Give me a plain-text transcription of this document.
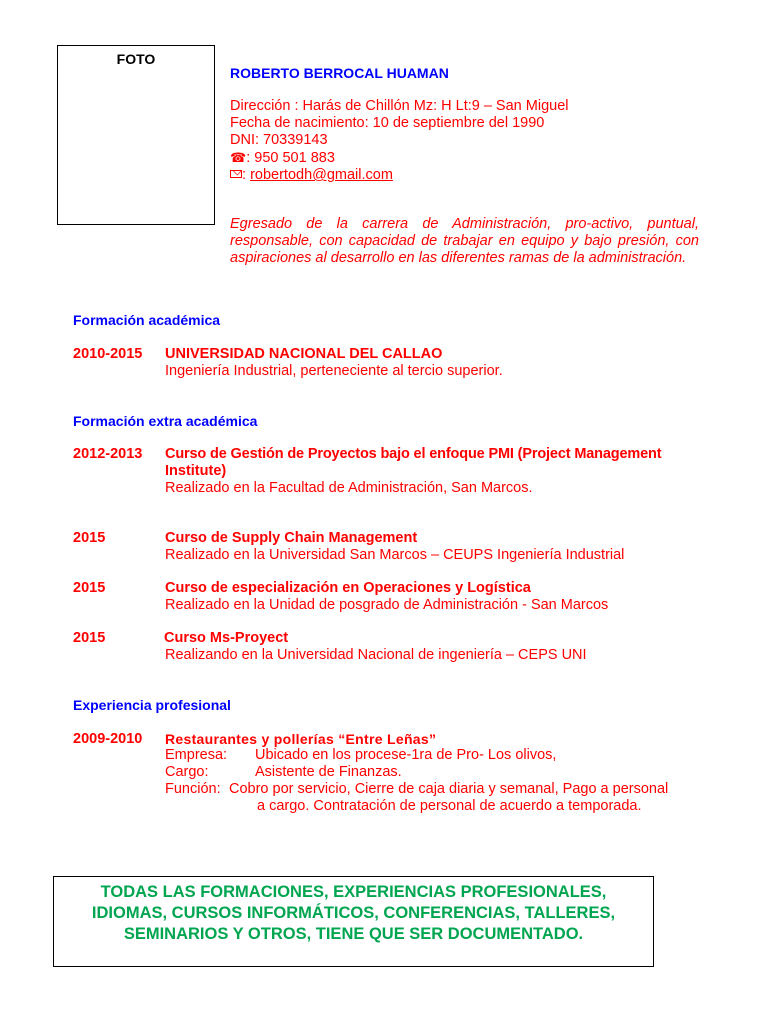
FOTO
ROBERTO BERROCAL HUAMAN
Dirección : Harás de Chillón Mz: H Lt:9 – San Miguel
Fecha de nacimiento: 10 de septiembre del 1990
DNI: 70339143
☎: 950 501 883
: robertodh@gmail.com
Egresado de la carrera de Administración, pro-activo, puntual, responsable, con capacidad de trabajar en equipo y bajo presión, con aspiraciones al desarrollo en las diferentes ramas de la administración.
Formación académica
2010-2015 UNIVERSIDAD NACIONAL DEL CALLAO
Ingeniería Industrial, perteneciente al tercio superior.
Formación extra académica
2012-2013 Curso de Gestión de Proyectos bajo el enfoque PMI (Project Management
Institute)
Realizado en la Facultad de Administración, San Marcos.
2015	Curso de Supply Chain Management
Realizado en la Universidad San Marcos – CEUPS Ingeniería Industrial
2015	Curso de especialización en Operaciones y Logística
Realizado en la Unidad de posgrado de Administración - San Marcos
2015	Curso Ms-Proyect
Realizando en la Universidad Nacional de ingeniería – CEPS UNI
Experiencia profesional
2009-2010 Restaurantes y pollerías “Entre Leñas”
Empresa: Ubicado en los procese-1ra de Pro- Los olivos,
Cargo:	Asistente de Finanzas.
Función: Cobro por servicio, Cierre de caja diaria y semanal, Pago a personal
a cargo. Contratación de personal de acuerdo a temporada.
TODAS LAS FORMACIONES, EXPERIENCIAS PROFESIONALES,
IDIOMAS, CURSOS INFORMÁTICOS, CONFERENCIAS, TALLERES,
SEMINARIOS Y OTROS, TIENE QUE SER DOCUMENTADO.
